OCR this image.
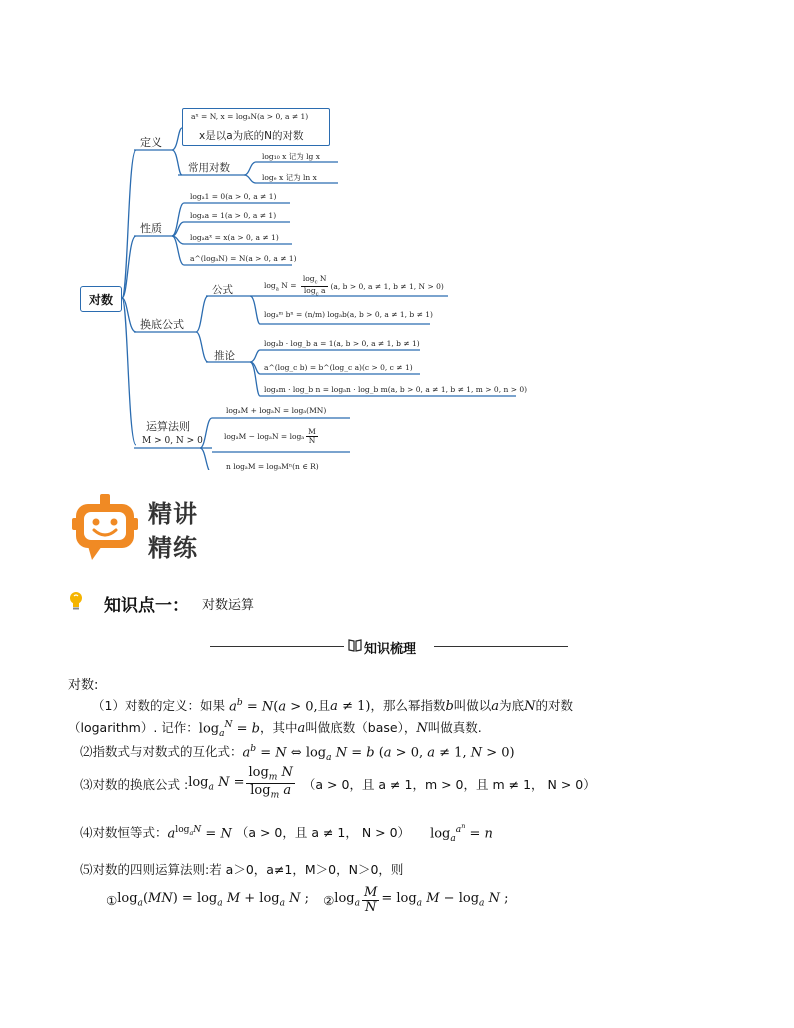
对数
定义
aˣ = N, x = logₐN(a > 0, a ≠ 1)
x是以a为底的N的对数
常用对数
log₁₀ x 记为 lg x
logₑ x 记为 ln x
性质
logₐ1 = 0(a > 0, a ≠ 1)
logₐa = 1(a > 0, a ≠ 1)
logₐaˣ = x(a > 0, a ≠ 1)
a^(logₐN) = N(a > 0, a ≠ 1)
换底公式
公式	$\log_a N = \frac{\log_c N}{\log_c a} (a$, b > 0, a ≠ 1, b ≠ 1, N > 0)
logₐᵐ bⁿ = (n/m) logₐb(a, b > 0, a ≠ 1, b ≠ 1)
推论
logₐb · log_b a = 1(a, b > 0, a ≠ 1, b ≠ 1)
a^(log_c b) = b^(log_c a)(c > 0, c ≠ 1)
logₐm · log_b n = logₐn · log_b m(a, b > 0, a ≠ 1, b ≠ 1, m > 0, n > 0)
运算法则
M > 0, N > 0
logₐM + logₐN = logₐ(MN)
logₐM − logₐN = logₐ $\frac{M}{N}$
n logₐM = logₐMⁿ(n ∈ R)
精讲
精练
知识点一： 对数运算
知识梳理
对数:
（1）对数的定义：如果 $a^b = N(a > 0$, 且 a ≠ 1) ，那么幂指数 b 叫做以 a 为底 N 的对数
（logarithm）. 记作： $\log_a^N = b$ ，其中 a 叫做底数（base）， N 叫做真数.
⑵指数式与对数式的互化式： $a^b = N$ ⇔ $\log_a N = b$ (a > 0, a ≠ 1, N > 0)
⑶对数的换底公式 : $\log_a N = \frac{\log_m N}{\log_m a} (a > 0$，且 a ≠ 1，m > 0，且 m ≠ 1， N > 0）
⑷对数恒等式： $a^{log_aN} = N$ （a > 0，且 a ≠ 1， N > 0） $\log_a^{a^n} = n$
⑸对数的四则运算法则:若 a＞0，a≠1，M＞0，N＞0，则
① $\log_a(MN) = \log_a M + \log_a N$ ; ② $\log_a \frac{M}{N} = \log_a M - \log_a N$ ;
